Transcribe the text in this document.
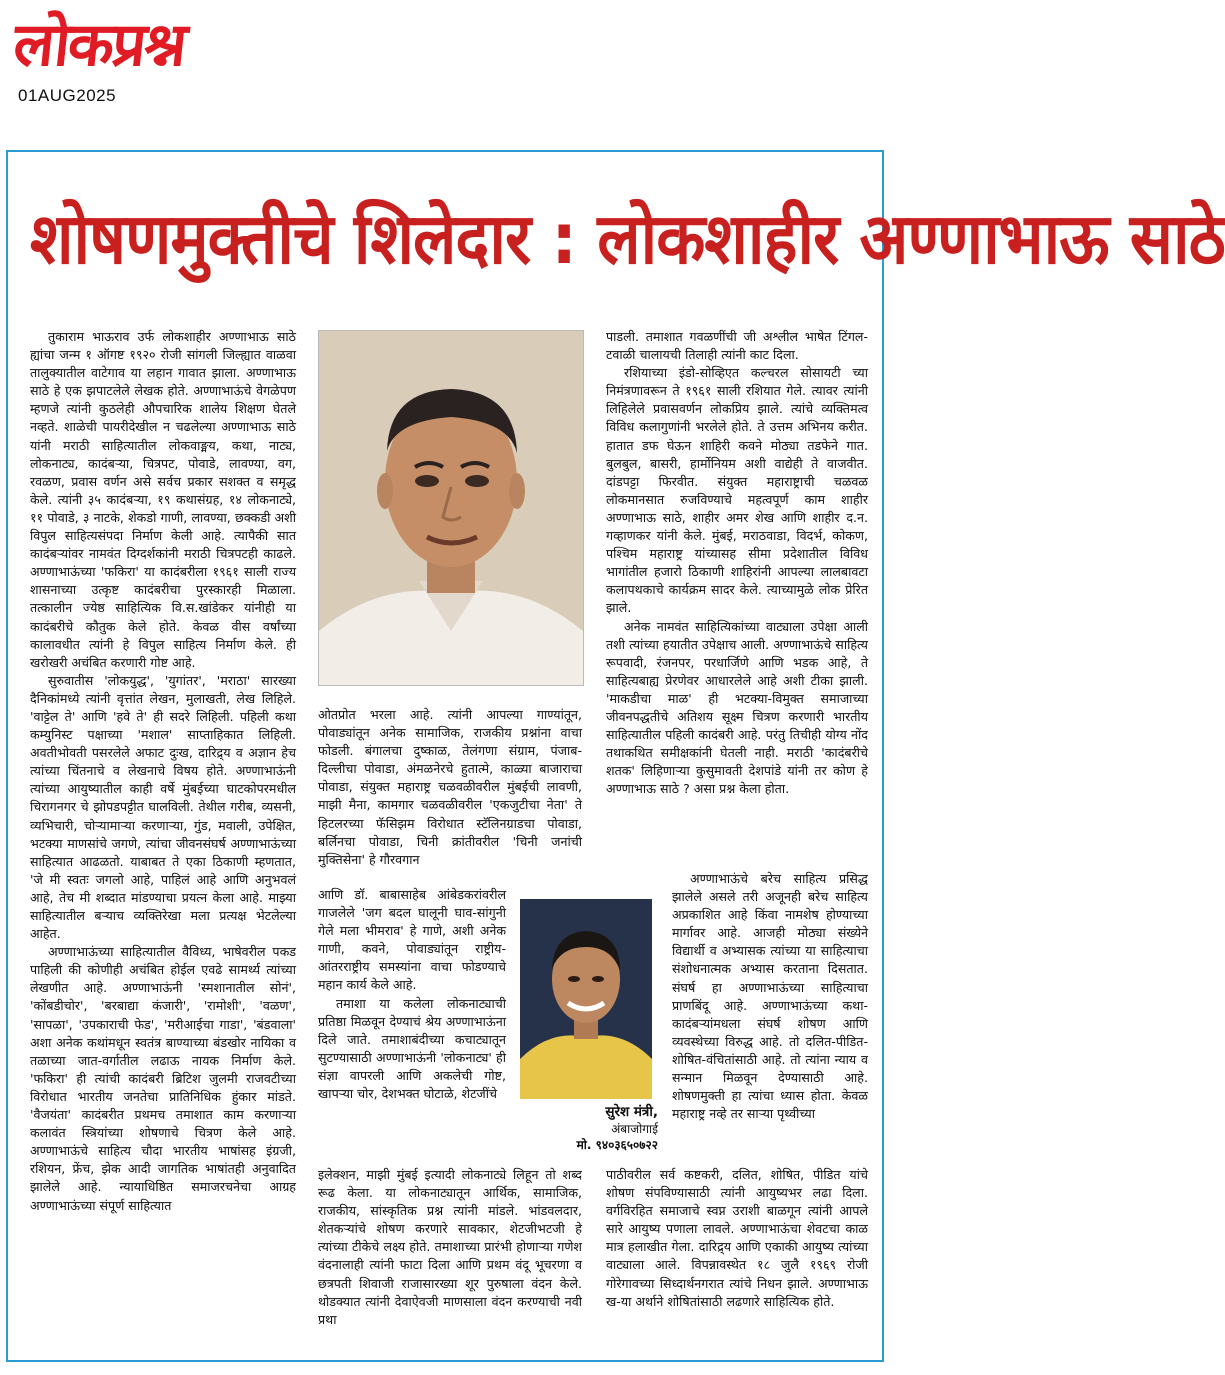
लोकप्रश्न
01AUG2025
शोषणमुक्तीचे शिलेदार : लोकशाहीर अण्णाभाऊ साठे

तुकाराम भाऊराव उर्फ लोकशाहीर अण्णाभाऊ साठे ह्यांचा जन्म १ ऑगष्ट १९२० रोजी सांगली जिल्ह्यात वाळवा तालुक्यातील वाटेगाव या लहान गावात झाला. अण्णाभाऊ साठे हे एक झपाटलेले लेखक होते. अण्णाभाऊंचे वेगळेपण म्हणजे त्यांनी कुठलेही औपचारिक शालेय शिक्षण घेतले नव्हते. शाळेची पायरीदेखील न चढलेल्या अण्णाभाऊ साठे यांनी मराठी साहित्यातील लोकवाङ्मय, कथा, नाट्य, लोकनाट्य, कादंबऱ्या, चित्रपट, पोवाडे, लावण्या, वग, रवळण, प्रवास वर्णन असे सर्वच प्रकार सशक्त व समृद्ध केले. त्यांनी ३५ कादंबऱ्या, १९ कथासंग्रह, १४ लोकनाट्ये, ११ पोवाडे, ३ नाटके, शेकडो गाणी, लावण्या, छक्कडी अशी विपुल साहित्यसंपदा निर्माण केली आहे. त्यापैकी सात कादंबऱ्यांवर नामवंत दिग्दर्शकांनी मराठी चित्रपटही काढले. अण्णाभाऊंच्या 'फकिरा' या कादंबरीला १९६१ साली राज्य शासनाच्या उत्कृष्ट कादंबरीचा पुरस्कारही मिळाला. तत्कालीन ज्येष्ठ साहित्यिक वि.स.खांडेकर यांनीही या कादंबरीचे कौतुक केले होते. केवळ वीस वर्षांच्या कालावधीत त्यांनी हे विपुल साहित्य निर्माण केले. ही खरोखरी अचंबित करणारी गोष्ट आहे.

सुरुवातीस 'लोकयुद्ध', 'युगांतर', 'मराठा' सारख्या दैनिकांमध्ये त्यांनी वृत्तांत लेखन, मुलाखती, लेख लिहिले. 'वाट्टेल ते' आणि 'हवे ते' ही सदरे लिहिली. पहिली कथा कम्युनिस्ट पक्षाच्या 'मशाल' साप्ताहिकात लिहिली. अवतीभोवती पसरलेले अफाट दुःख, दारिद्र्य व अज्ञान हेच त्यांच्या चिंतनाचे व लेखनाचे विषय होते. अण्णाभाऊंनी त्यांच्या आयुष्यातील काही वर्षे मुंबईच्या घाटकोपरमधील चिरागनगर चे झोपडपट्टीत घालविली. तेथील गरीब, व्यसनी, व्यभिचारी, चोऱ्यामाऱ्या करणाऱ्या, गुंड, मवाली, उपेक्षित, भटक्या माणसांचे जगणे, त्यांचा जीवनसंघर्ष अण्णाभाऊंच्या साहित्यात आढळतो. याबाबत ते एका ठिकाणी म्हणतात, 'जे मी स्वतः जगलो आहे, पाहिलं आहे आणि अनुभवलं आहे, तेच मी शब्दात मांडण्याचा प्रयत्न केला आहे. माझ्या साहित्यातील बऱ्याच व्यक्तिरेखा मला प्रत्यक्ष भेटलेल्या आहेत.

अण्णाभाऊंच्या साहित्यातील वैविध्य, भाषेवरील पकड पाहिली की कोणीही अचंबित होईल एवढे सामर्थ्य त्यांच्या लेखणीत आहे. अण्णाभाऊंनी 'स्मशानातील सोनं', 'कोंबडीचोर', 'बरबाद्या कंजारी', 'रामोशी', 'वळण', 'सापळा', 'उपकाराची फेड', 'मरीआईचा गाडा', 'बंडवाला' अशा अनेक कथांमधून स्वतंत्र बाण्याच्या बंडखोर नायिका व तळाच्या जात-वर्गातील लढाऊ नायक निर्माण केले. 'फकिरा' ही त्यांची कादंबरी ब्रिटिश जुलमी राजवटीच्या विरोधात भारतीय जनतेचा प्रातिनिधिक हुंकार मांडते. 'वैजयंता' कादंबरीत प्रथमच तमाशात काम करणाऱ्या कलावंत स्त्रियांच्या शोषणाचे चित्रण केले आहे. अण्णाभाऊंचे साहित्य चौदा भारतीय भाषांसह इंग्रजी, रशियन, फ्रेंच, झेक आदी जागतिक भाषांतही अनुवादित झालेले आहे. न्यायाधिष्ठित समाजरचनेचा आग्रह अण्णाभाऊंच्या संपूर्ण साहित्यात

ओतप्रोत भरला आहे. त्यांनी आपल्या गाण्यांतून, पोवाड्यांतून अनेक सामाजिक, राजकीय प्रश्नांना वाचा फोडली. बंगालचा दुष्काळ, तेलंगणा संग्राम, पंजाब-दिल्लीचा पोवाडा, अंमळनेरचे हुतात्मे, काळ्या बाजाराचा पोवाडा, संयुक्त महाराष्ट्र चळवळीवरील मुंबईची लावणी, माझी मैना, कामगार चळवळीवरील 'एकजुटीचा नेता' ते हिटलरच्या फॅसिझम विरोधात स्टॅलिनग्राडचा पोवाडा, बर्लिनचा पोवाडा, चिनी क्रांतीवरील 'चिनी जनांची मुक्तिसेना' हे गौरवगान

आणि डॉ. बाबासाहेब आंबेडकरांवरील गाजलेले 'जग बदल घालूनी घाव-सांगुनी गेले मला भीमराव' हे गाणे, अशी अनेक गाणी, कवने, पोवाड्यांतून राष्ट्रीय-आंतरराष्ट्रीय समस्यांना वाचा फोडण्याचे महान कार्य केले आहे.

तमाशा या कलेला लोकनाट्याची प्रतिष्ठा मिळवून देण्याचं श्रेय अण्णाभाऊंना दिले जाते. तमाशाबंदीच्या कचाट्यातून सुटण्यासाठी अण्णाभाऊंनी 'लोकनाट्य' ही संज्ञा वापरली आणि अकलेची गोष्ट, खापऱ्या चोर, देशभक्त घोटाळे, शेटजींचे

सुरेश मंत्री,
अंबाजोगाई
मो. ९४०३६५०७२२

इलेक्शन, माझी मुंबई इत्यादी लोकनाट्ये लिहून तो शब्द रूढ केला. या लोकनाट्यातून आर्थिक, सामाजिक, राजकीय, सांस्कृतिक प्रश्न त्यांनी मांडले. भांडवलदार, शेतकऱ्यांचे शोषण करणारे सावकार, शेटजीभटजी हे त्यांच्या टीकेचे लक्ष्य होते. तमाशाच्या प्रारंभी होणाऱ्या गणेश वंदनालाही त्यांनी फाटा दिला आणि प्रथम वंदू भूचरणा व छत्रपती शिवाजी राजासारख्या शूर पुरुषाला वंदन केले. थोडक्यात त्यांनी देवाऐवजी माणसाला वंदन करण्याची नवी प्रथा

पाडली. तमाशात गवळणींची जी अश्लील भाषेत टिंगल-टवाळी चालायची तिलाही त्यांनी काट दिला.

रशियाच्या इंडो-सोव्हिएत कल्चरल सोसायटी च्या निमंत्रणावरून ते १९६१ साली रशियात गेले. त्यावर त्यांनी लिहिलेले प्रवासवर्णन लोकप्रिय झाले. त्यांचे व्यक्तिमत्व विविध कलागुणांनी भरलेले होते. ते उत्तम अभिनय करीत. हातात डफ घेऊन शाहिरी कवने मोठ्या तडफेने गात. बुलबुल, बासरी, हार्मोनियम अशी वाद्येही ते वाजवीत. दांडपट्टा फिरवीत. संयुक्त महाराष्ट्राची चळवळ लोकमानसात रुजविण्याचे महत्वपूर्ण काम शाहीर अण्णाभाऊ साठे, शाहीर अमर शेख आणि शाहीर द.न. गव्हाणकर यांनी केले. मुंबई, मराठवाडा, विदर्भ, कोकण, पश्चिम महाराष्ट्र यांच्यासह सीमा प्रदेशातील विविध भागांतील हजारो ठिकाणी शाहिरांनी आपल्या लालबावटा कलापथकाचे कार्यक्रम सादर केले. त्याच्यामुळे लोक प्रेरित झाले.

अनेक नामवंत साहित्यिकांच्या वाट्याला उपेक्षा आली तशी त्यांच्या हयातीत उपेक्षाच आली. अण्णाभाऊंचे साहित्य रूपवादी, रंजनपर, परधार्जिणे आणि भडक आहे, ते साहित्यबाह्य प्रेरणेवर आधारलेले आहे अशी टीका झाली. 'माकडीचा माळ' ही भटक्या-विमुक्त समाजाच्या जीवनपद्धतीचे अतिशय सूक्ष्म चित्रण करणारी भारतीय साहित्यातील पहिली कादंबरी आहे. परंतु तिचीही योग्य नोंद तथाकथित समीक्षकांनी घेतली नाही. मराठी 'कादंबरीचे शतक' लिहिणाऱ्या कुसुमावती देशपांडे यांनी तर कोण हे अण्णाभाऊ साठे ? असा प्रश्न केला होता.

अण्णाभाऊंचे बरेच साहित्य प्रसिद्ध झालेले असले तरी अजूनही बरेच साहित्य अप्रकाशित आहे किंवा नामशेष होण्याच्या मार्गावर आहे. आजही मोठ्या संख्येने विद्यार्थी व अभ्यासक त्यांच्या या साहित्याचा संशोधनात्मक अभ्यास करताना दिसतात. संघर्ष हा अण्णाभाऊंच्या साहित्याचा प्राणबिंदू आहे. अण्णाभाऊंच्या कथा-कादंबऱ्यांमधला संघर्ष शोषण आणि व्यवस्थेच्या विरुद्ध आहे. तो दलित-पीडित-शोषित-वंचितांसाठी आहे. तो त्यांना न्याय व सन्मान मिळवून देण्यासाठी आहे. शोषणमुक्ती हा त्यांचा ध्यास होता. केवळ महाराष्ट्र नव्हे तर साऱ्या पृथ्वीच्या

पाठीवरील सर्व कष्टकरी, दलित, शोषित, पीडित यांचे शोषण संपविण्यासाठी त्यांनी आयुष्यभर लढा दिला. वर्गविरहित समाजाचे स्वप्न उराशी बाळगून त्यांनी आपले सारे आयुष्य पणाला लावले. अण्णाभाऊंचा शेवटचा काळ मात्र हलाखीत गेला. दारिद्र्य आणि एकाकी आयुष्य त्यांच्या वाट्याला आले. विपन्नावस्थेत १८ जुलै १९६९ रोजी गोरेगावच्या सिध्दार्थनगरात त्यांचे निधन झाले. अण्णाभाऊ ख-या अर्थाने शोषितांसाठी लढणारे साहित्यिक होते.
